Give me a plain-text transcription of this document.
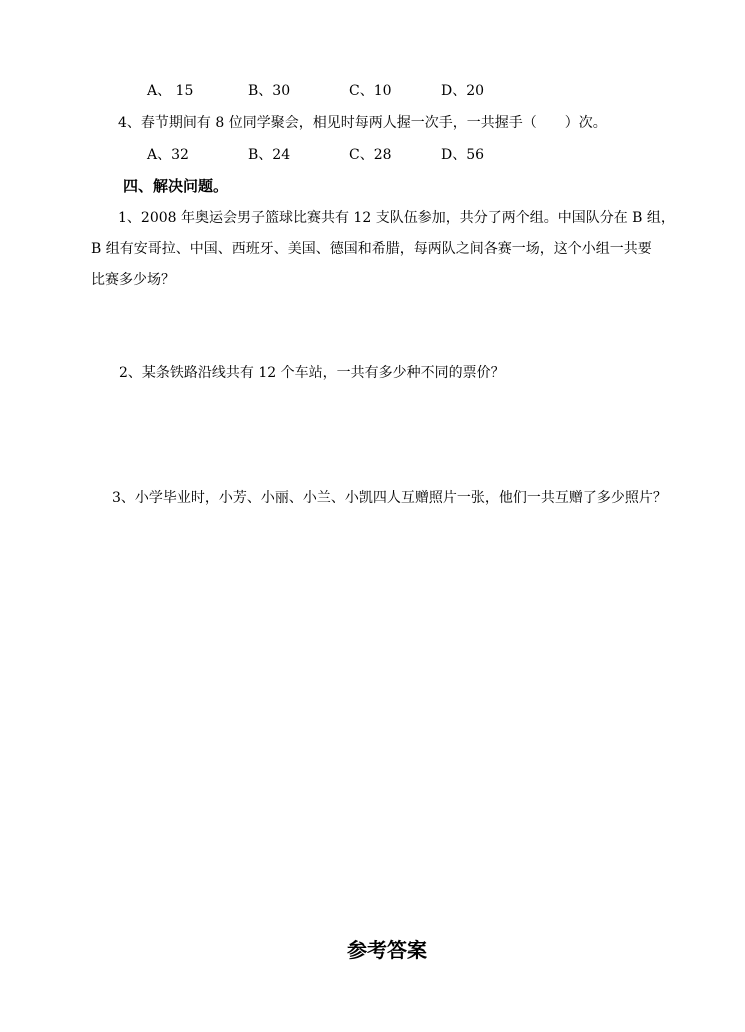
A、 15	B、30	C、10	D、20
4、春节期间有 8 位同学聚会，相见时每两人握一次手，一共握手（　　）次。
A、32	B、24	C、28	D、56
四、解决问题。
1、2008 年奥运会男子篮球比赛共有 12 支队伍参加，共分了两个组。中国队分在 B 组，
B 组有安哥拉、中国、西班牙、美国、德国和希腊，每两队之间各赛一场，这个小组一共要
比赛多少场？
2、某条铁路沿线共有 12 个车站，一共有多少种不同的票价？
3、小学毕业时，小芳、小丽、小兰、小凯四人互赠照片一张，他们一共互赠了多少照片？
参考答案
